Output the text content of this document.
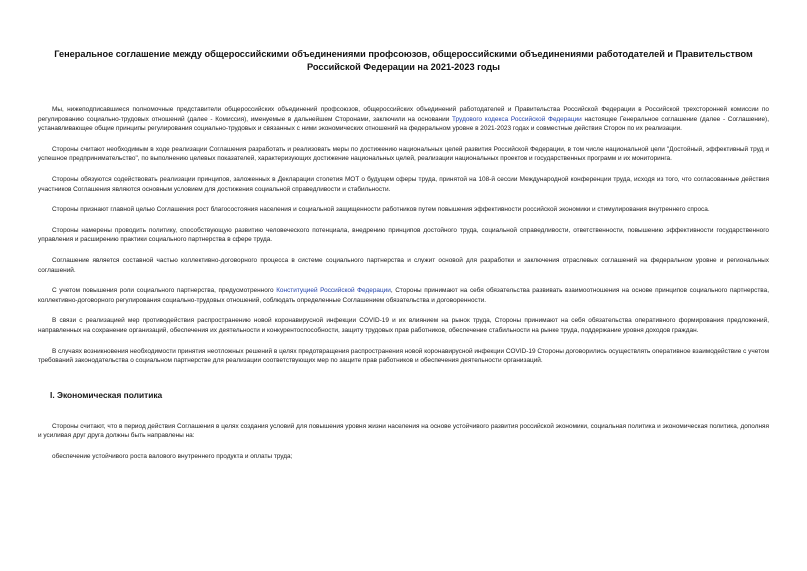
Генеральное соглашение между общероссийскими объединениями профсоюзов, общероссийскими объединениями работодателей и Правительством Российской Федерации на 2021-2023 годы

Мы, нижеподписавшиеся полномочные представители общероссийских объединений профсоюзов, общероссийских объединений работодателей и Правительства Российской Федерации в Российской трехсторонней комиссии по регулированию социально-трудовых отношений (далее - Комиссия), именуемые в дальнейшем Сторонами, заключили на основании Трудового кодекса Российской Федерации настоящее Генеральное соглашение (далее - Соглашение), устанавливающее общие принципы регулирования социально-трудовых и связанных с ними экономических отношений на федеральном уровне в 2021-2023 годах и совместные действия Сторон по их реализации.

Стороны считают необходимым в ходе реализации Соглашения разработать и реализовать меры по достижению национальных целей развития Российской Федерации, в том числе национальной цели "Достойный, эффективный труд и успешное предпринимательство", по выполнению целевых показателей, характеризующих достижение национальных целей, реализации национальных проектов и государственных программ и их мониторинга.

Стороны обязуются содействовать реализации принципов, заложенных в Декларации столетия МОТ о будущем сферы труда, принятой на 108-й сессии Международной конференции труда, исходя из того, что согласованные действия участников Соглашения являются основным условием для достижения социальной справедливости и стабильности.

Стороны признают главной целью Соглашения рост благосостояния населения и социальной защищенности работников путем повышения эффективности российской экономики и стимулирования внутреннего спроса.

Стороны намерены проводить политику, способствующую развитию человеческого потенциала, внедрению принципов достойного труда, социальной справедливости, ответственности, повышению эффективности государственного управления и расширению практики социального партнерства в сфере труда.

Соглашение является составной частью коллективно-договорного процесса в системе социального партнерства и служит основой для разработки и заключения отраслевых соглашений на федеральном уровне и региональных соглашений.

С учетом повышения роли социального партнерства, предусмотренного Конституцией Российской Федерации, Стороны принимают на себя обязательства развивать взаимоотношения на основе принципов социального партнерства, коллективно-договорного регулирования социально-трудовых отношений, соблюдать определенные Соглашением обязательства и договоренности.

В связи с реализацией мер противодействия распространению новой коронавирусной инфекции COVID-19 и их влиянием на рынок труда, Стороны принимают на себя обязательства оперативного формирования предложений, направленных на сохранение организаций, обеспечения их деятельности и конкурентоспособности, защиту трудовых прав работников, обеспечение стабильности на рынке труда, поддержание уровня доходов граждан.

В случаях возникновения необходимости принятия неотложных решений в целях предотвращения распространения новой коронавирусной инфекции COVID-19 Стороны договорились осуществлять оперативное взаимодействие с учетом требований законодательства о социальном партнерстве для реализации соответствующих мер по защите прав работников и обеспечения деятельности организаций.

I. Экономическая политика

Стороны считают, что в период действия Соглашения в целях создания условий для повышения уровня жизни населения на основе устойчивого развития российской экономики, социальная политика и экономическая политика, дополняя и усиливая друг друга должны быть направлены на:

обеспечение устойчивого роста валового внутреннего продукта и оплаты труда;
